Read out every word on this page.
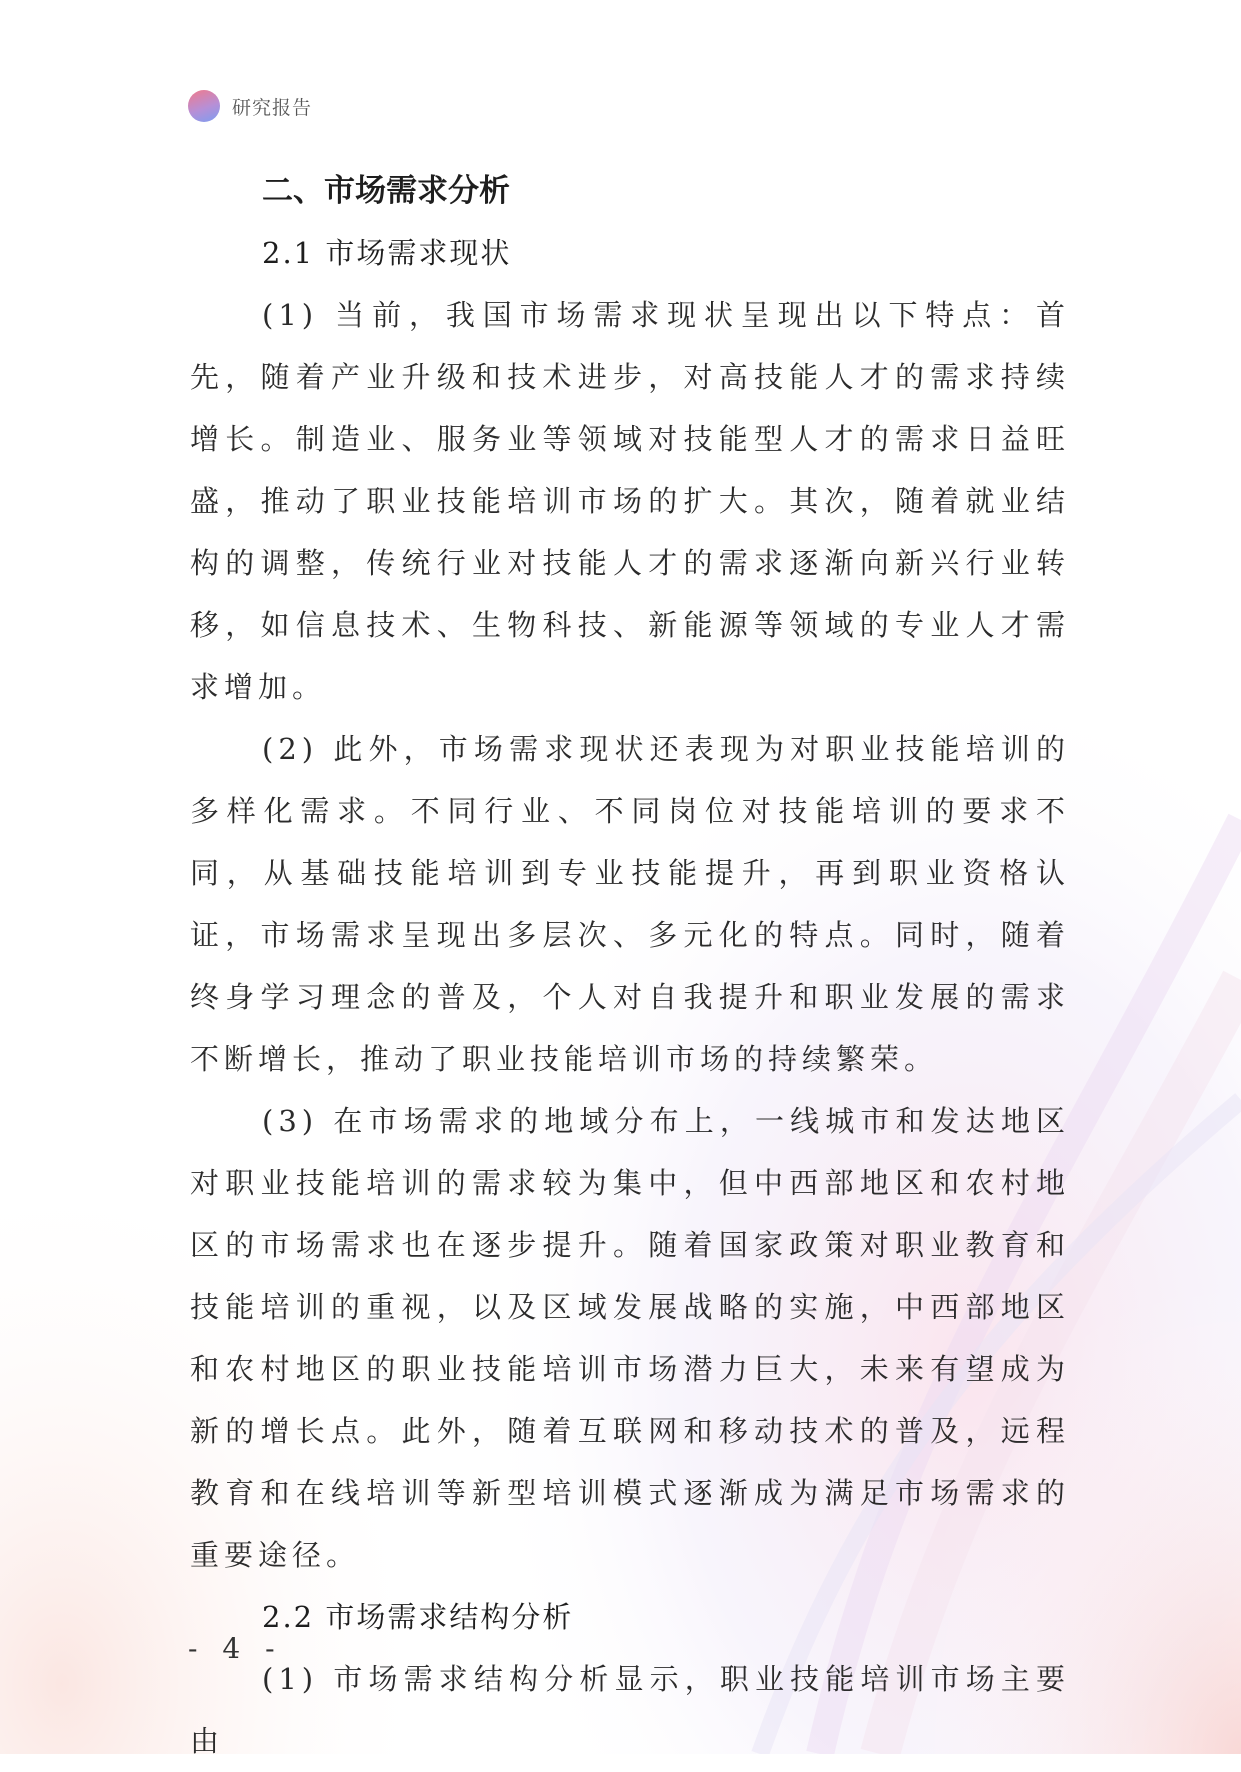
研究报告

二、市场需求分析

2.1 市场需求现状

(1) 当前，我国市场需求现状呈现出以下特点：首先，随着产业升级和技术进步，对高技能人才的需求持续增长。制造业、服务业等领域对技能型人才的需求日益旺盛，推动了职业技能培训市场的扩大。其次，随着就业结构的调整，传统行业对技能人才的需求逐渐向新兴行业转移，如信息技术、生物科技、新能源等领域的专业人才需求增加。

(2) 此外，市场需求现状还表现为对职业技能培训的多样化需求。不同行业、不同岗位对技能培训的要求不同，从基础技能培训到专业技能提升，再到职业资格认证，市场需求呈现出多层次、多元化的特点。同时，随着终身学习理念的普及，个人对自我提升和职业发展的需求不断增长，推动了职业技能培训市场的持续繁荣。

(3) 在市场需求的地域分布上，一线城市和发达地区对职业技能培训的需求较为集中，但中西部地区和农村地区的市场需求也在逐步提升。随着国家政策对职业教育和技能培训的重视，以及区域发展战略的实施，中西部地区和农村地区的职业技能培训市场潜力巨大，未来有望成为新的增长点。此外，随着互联网和移动技术的普及，远程教育和在线培训等新型培训模式逐渐成为满足市场需求的重要途径。

2.2 市场需求结构分析

(1) 市场需求结构分析显示，职业技能培训市场主要由

- 4 -
